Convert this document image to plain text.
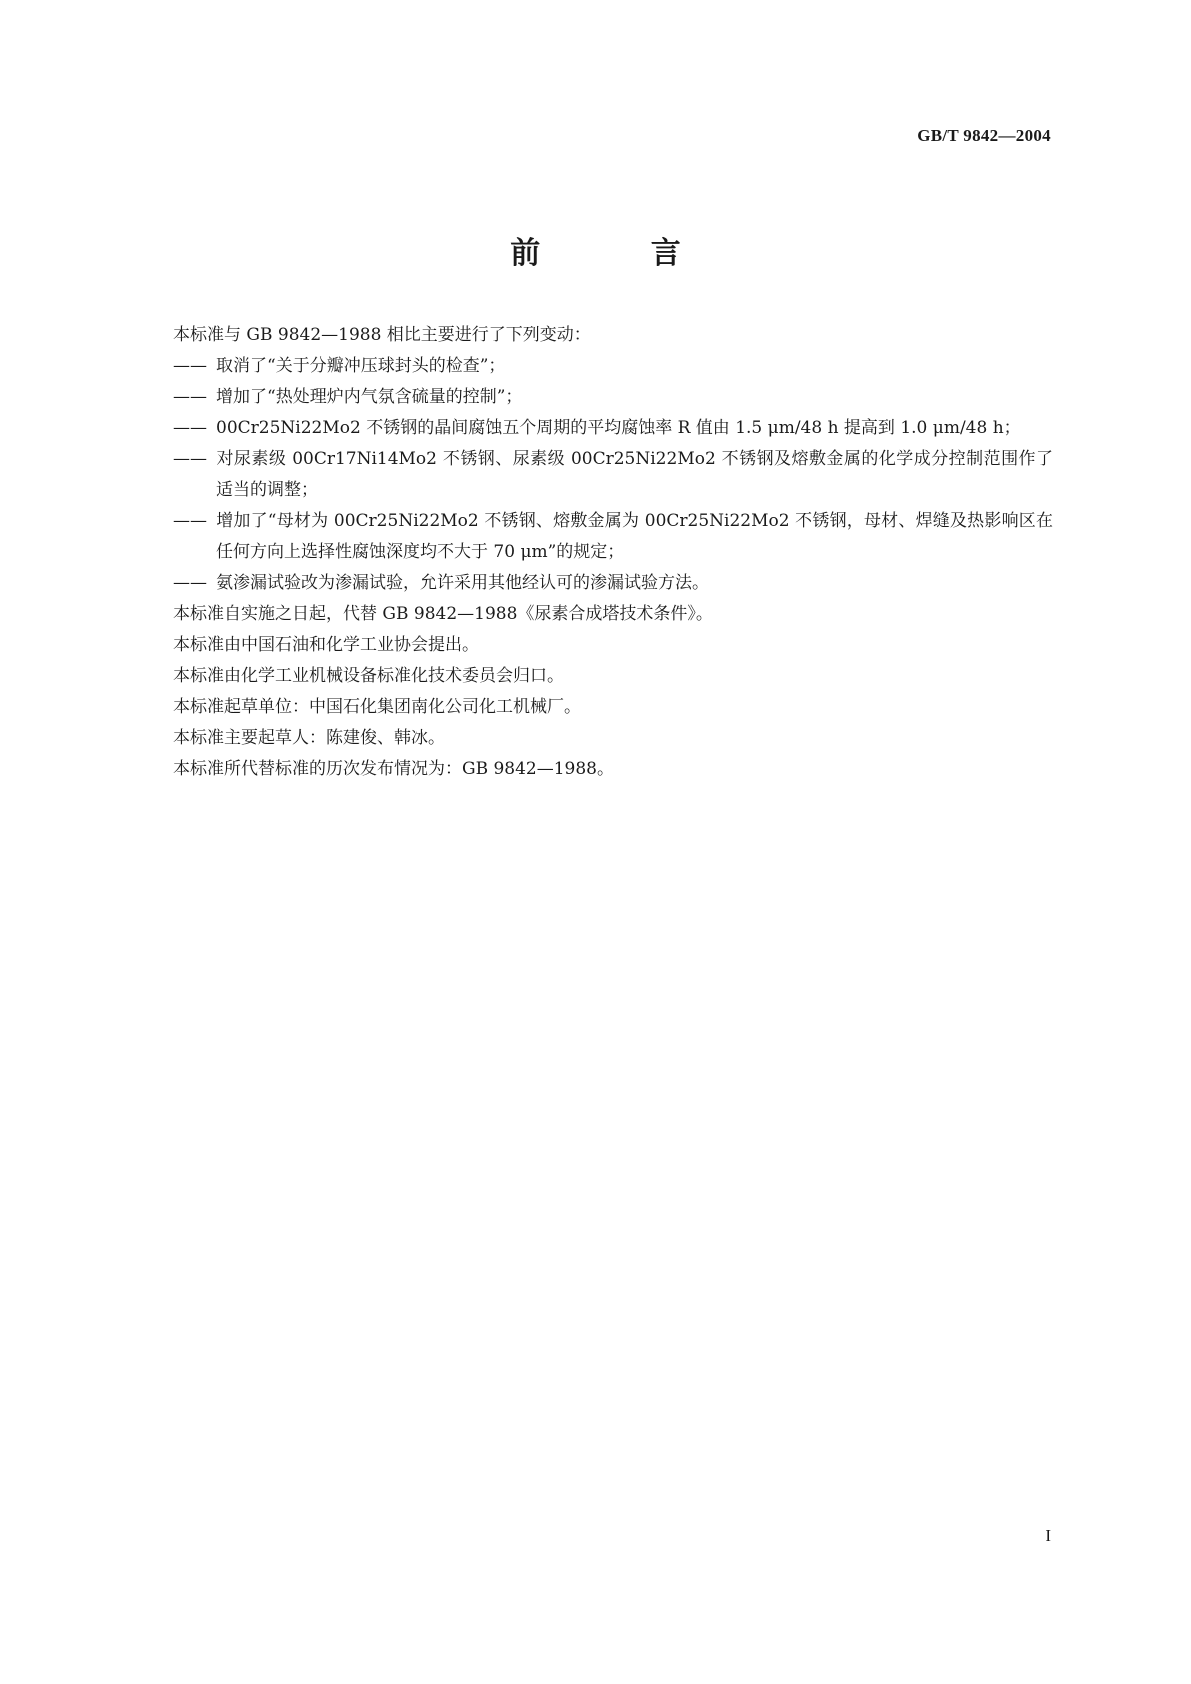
GB/T 9842—2004
前 言

本标准与 GB 9842—1988 相比主要进行了下列变动：

—— 取消了“关于分瓣冲压球封头的检查”；

—— 增加了“热处理炉内气氛含硫量的控制”；

—— 00Cr25Ni22Mo2 不锈钢的晶间腐蚀五个周期的平均腐蚀率 R 值由 1.5 μm/48 h 提高到 1.0 μm/48 h；

—— 对尿素级 00Cr17Ni14Mo2 不锈钢、尿素级 00Cr25Ni22Mo2 不锈钢及熔敷金属的化学成分控制范围作了适当的调整；

—— 增加了“母材为 00Cr25Ni22Mo2 不锈钢、熔敷金属为 00Cr25Ni22Mo2 不锈钢，母材、焊缝及热影响区在任何方向上选择性腐蚀深度均不大于 70 μm”的规定；

—— 氨渗漏试验改为渗漏试验，允许采用其他经认可的渗漏试验方法。

本标准自实施之日起，代替 GB 9842—1988《尿素合成塔技术条件》。

本标准由中国石油和化学工业协会提出。

本标准由化学工业机械设备标准化技术委员会归口。

本标准起草单位：中国石化集团南化公司化工机械厂。

本标准主要起草人：陈建俊、韩冰。

本标准所代替标准的历次发布情况为：GB 9842—1988。

I
